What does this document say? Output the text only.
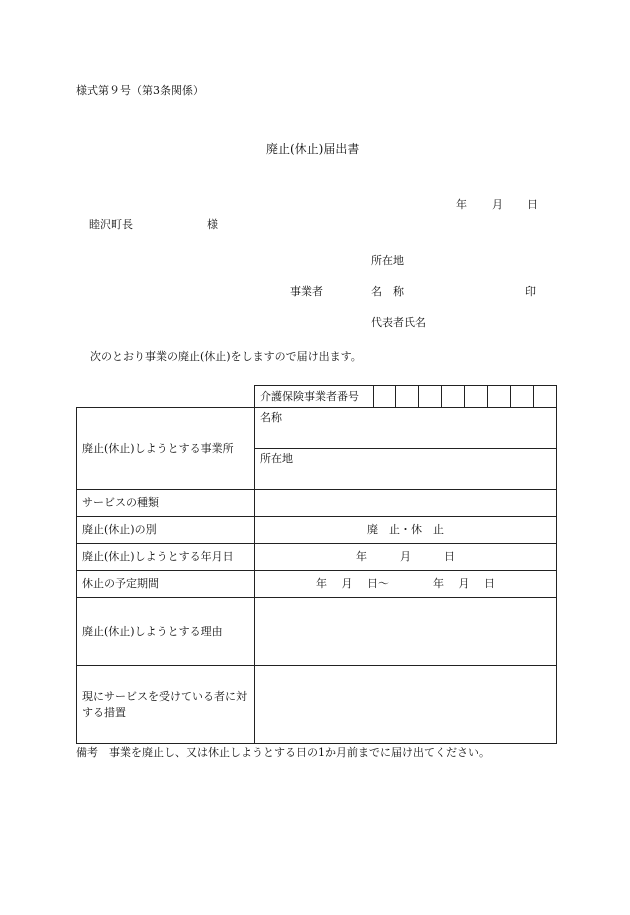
様式第９号（第3条関係）
廃止(休止)届出書
年 月 日
睦沢町長	様
所在地
事業者	名　称	印
代表者氏名
次のとおり事業の廃止(休止)をしますので届け出ます。
	介護保険事業者番号								
廃止(休止)しようとする事業所	名称								
	所在地								
サービスの種類									
廃止(休止)の別	廃　止・休　止								
廃止(休止)しようとする年月日	年　　　月　　　日								
休止の予定期間	年　 月　 日～　　　　年　 月　 日								
廃止(休止)しようとする理由									
現にサービスを受けている者に対する措置									
備考　事業を廃止し、又は休止しようとする日の1か月前までに届け出てください。
